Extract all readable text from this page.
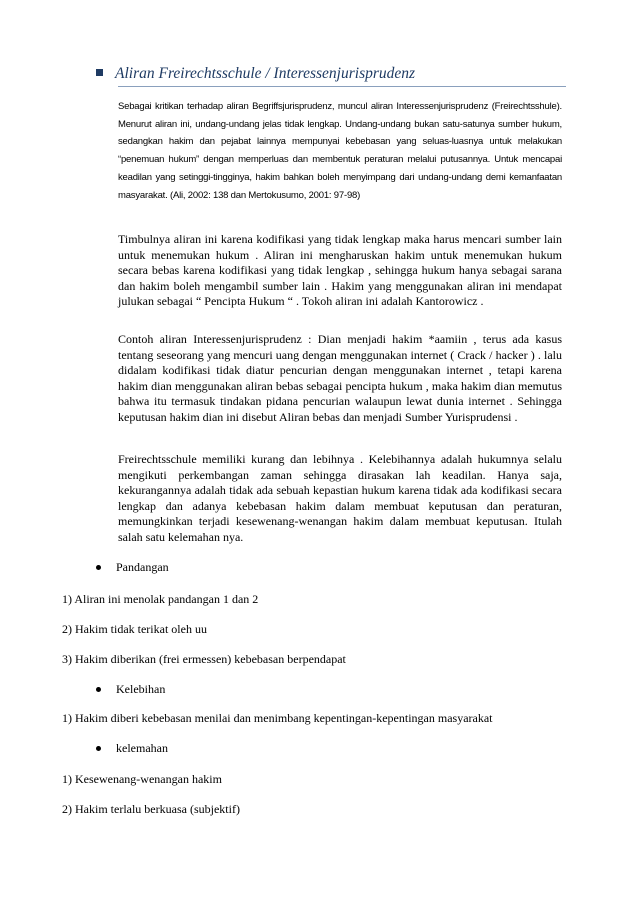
Aliran Freirechtsschule / Interessenjurisprudenz
Sebagai kritikan terhadap aliran Begriffsjurisprudenz, muncul aliran Interessenjurisprudenz (Freirechtsshule). Menurut aliran ini, undang-undang jelas tidak lengkap. Undang-undang bukan satu-satunya sumber hukum, sedangkan hakim dan pejabat lainnya mempunyai kebebasan yang seluas-luasnya untuk melakukan “penemuan hukum” dengan memperluas dan membentuk peraturan melalui putusannya. Untuk mencapai keadilan yang setinggi-tingginya, hakim bahkan boleh menyimpang dari undang-undang demi kemanfaatan masyarakat. (Ali, 2002: 138 dan Mertokusumo, 2001: 97-98)
Timbulnya aliran ini karena kodifikasi yang tidak lengkap maka harus mencari sumber lain untuk menemukan hukum . Aliran ini mengharuskan hakim untuk menemukan hukum secara bebas karena kodifikasi yang tidak lengkap , sehingga hukum hanya sebagai sarana dan hakim boleh mengambil sumber lain . Hakim yang menggunakan aliran ini mendapat julukan sebagai “ Pencipta Hukum “ . Tokoh aliran ini adalah Kantorowicz .
Contoh aliran Interessenjurisprudenz : Dian menjadi hakim *aamiin , terus ada kasus tentang seseorang yang mencuri uang dengan menggunakan internet ( Crack / hacker ) . lalu didalam kodifikasi tidak diatur pencurian dengan menggunakan internet , tetapi karena hakim dian menggunakan aliran bebas sebagai pencipta hukum , maka hakim dian memutus bahwa itu termasuk tindakan pidana pencurian walaupun lewat dunia internet . Sehingga keputusan hakim dian ini disebut Aliran bebas dan menjadi Sumber Yurisprudensi .
Freirechtsschule memiliki kurang dan lebihnya . Kelebihannya adalah hukumnya selalu mengikuti perkembangan zaman sehingga dirasakan lah keadilan. Hanya saja, kekurangannya adalah tidak ada sebuah kepastian hukum karena tidak ada kodifikasi secara lengkap dan adanya kebebasan hakim dalam membuat keputusan dan peraturan, memungkinkan terjadi kesewenang-wenangan hakim dalam membuat keputusan. Itulah salah satu kelemahan nya.
Pandangan
1) Aliran ini menolak pandangan 1 dan 2
2) Hakim tidak terikat oleh uu
3) Hakim diberikan (frei ermessen) kebebasan berpendapat
Kelebihan
1) Hakim diberi kebebasan menilai dan menimbang kepentingan-kepentingan masyarakat
kelemahan
1) Kesewenang-wenangan hakim
2) Hakim terlalu berkuasa (subjektif)
